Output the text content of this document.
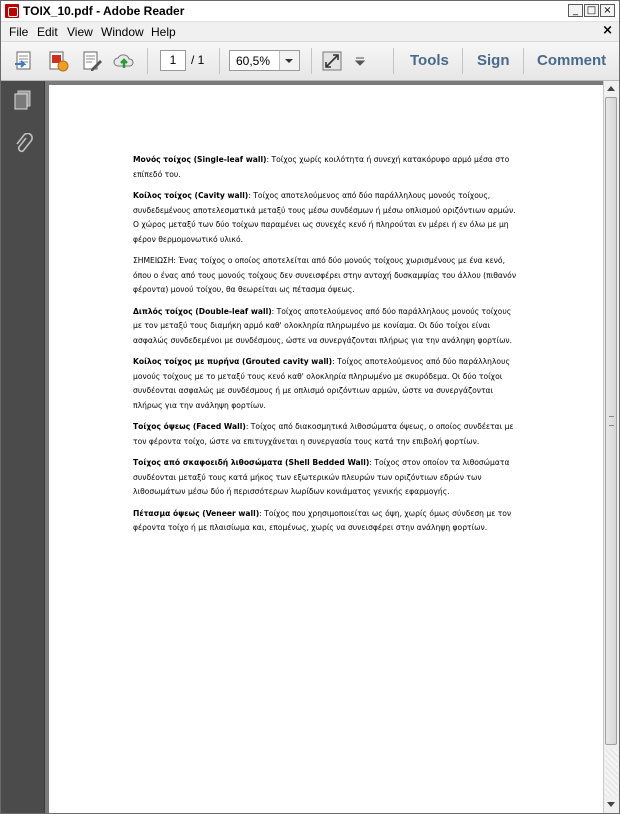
ΤΟΙΧ_10.pdf - Adobe Reader	_ □ ×
File Edit View Window Help	×
1	/ 1	60,5%	Tools Sign Comment

Μονός τοίχος (Single-leaf wall): Τοίχος χωρίς κοιλότητα ή συνεχή κατακόρυφο αρμό μέσα στο επίπεδό του.

Κοίλος τοίχος (Cavity wall): Τοίχος αποτελούμενος από δύο παράλληλους μονούς τοίχους, συνδεδεμένους αποτελεσματικά μεταξύ τους μέσω συνδέσμων ή μέσω οπλισμού οριζόντιων αρμών. Ο χώρος μεταξύ των δύο τοίχων παραμένει ως συνεχές κενό ή πληρούται εν μέρει ή εν όλω με μη φέρον θερμομονωτικό υλικό.

ΣΗΜΕΙΩΣΗ: Ένας τοίχος ο οποίος αποτελείται από δύο μονούς τοίχους χωρισμένους με ένα κενό, όπου ο ένας από τους μονούς τοίχους δεν συνεισφέρει στην αντοχή δυσκαμψίας του άλλου (πιθανόν φέροντα) μονού τοίχου, θα θεωρείται ως πέτασμα όψεως.

Διπλός τοίχος (Double-leaf wall): Τοίχος αποτελούμενος από δύο παράλληλους μονούς τοίχους με τον μεταξύ τους διαμήκη αρμό καθ' ολοκληρία πληρωμένο με κονίαμα. Οι δύο τοίχοι είναι ασφαλώς συνδεδεμένοι με συνδέσμους, ώστε να συνεργάζονται πλήρως για την ανάληψη φορτίων.

Κοίλος τοίχος με πυρήνα (Grouted cavity wall): Τοίχος αποτελούμενος από δύο παράλληλους μονούς τοίχους με το μεταξύ τους κενό καθ' ολοκληρία πληρωμένο με σκυρόδεμα. Οι δύο τοίχοι συνδέονται ασφαλώς με συνδέσμους ή με οπλισμό οριζόντιων αρμών, ώστε να συνεργάζονται πλήρως για την ανάληψη φορτίων.

Τοίχος όψεως (Faced Wall): Τοίχος από διακοσμητικά λιθοσώματα όψεως, ο οποίος συνδέεται με τον φέροντα τοίχο, ώστε να επιτυγχάνεται η συνεργασία τους κατά την επιβολή φορτίων.

Τοίχος από σκαφοειδή λιθοσώματα (Shell Bedded Wall): Τοίχος στον οποίον τα λιθοσώματα συνδέονται μεταξύ τους κατά μήκος των εξωτερικών πλευρών των οριζόντιων εδρών των λιθοσωμάτων μέσω δύο ή περισσότερων λωρίδων κονιάματος γενικής εφαρμογής.

Πέτασμα όψεως (Veneer wall): Τοίχος που χρησιμοποιείται ως όψη, χωρίς όμως σύνδεση με τον φέροντα τοίχο ή με πλαισίωμα και, επομένως, χωρίς να συνεισφέρει στην ανάληψη φορτίων.
